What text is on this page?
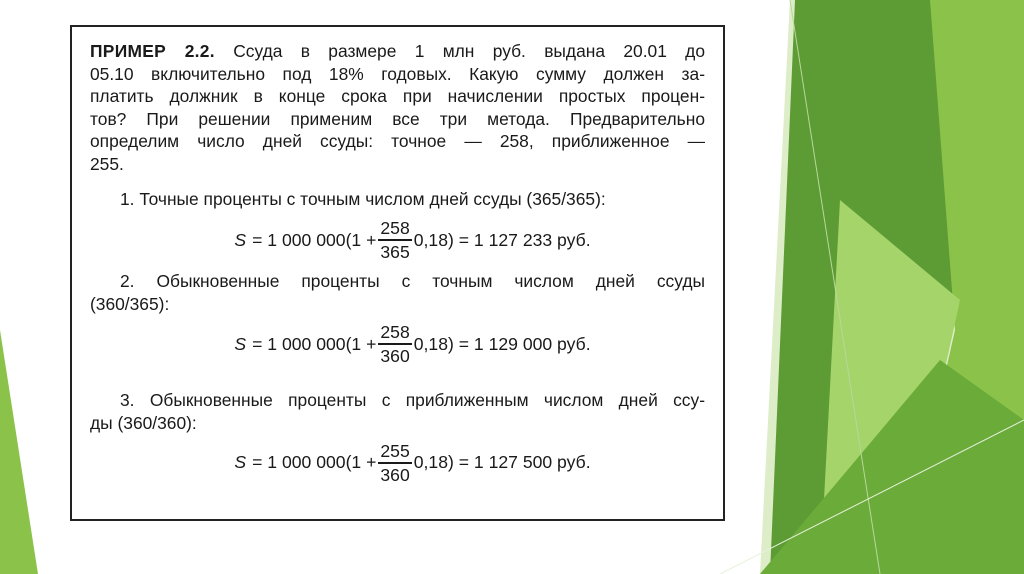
ПРИМЕР 2.2. Ссуда в размере 1 млн руб. выдана 20.01 до
05.10 включительно под 18% годовых. Какую сумму должен за-
платить должник в конце срока при начислении простых процен-
тов? При решении применим все три метода. Предварительно
определим число дней ссуды: точное — 258, приближенное —
255.

1. Точные проценты с точным числом дней ссуды (365/365):

S = 1 000 $000(1 + \frac{258}{365} 0,18) = 1$ 127 233 руб.

2. Обыкновенные проценты с точным числом дней ссуды
(360/365):

S = 1 000 $000(1 + \frac{258}{360} 0,18) = 1$ 129 000 руб.

3. Обыкновенные проценты с приближенным числом дней ссу-
ды (360/360):

S = 1 000 $000(1 + \frac{255}{360} 0,18) = 1$ 127 500 руб.
